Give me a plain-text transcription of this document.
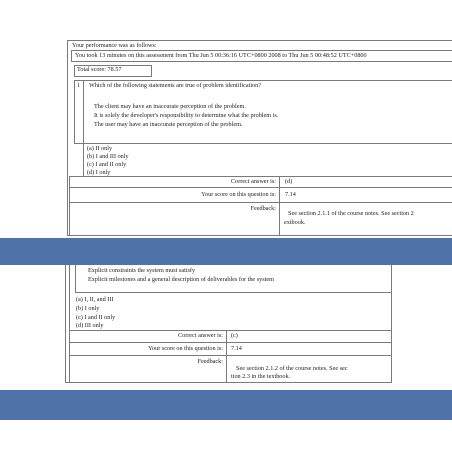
Your performance was as follows:
You took 13 minutes on this assessment from Thu Jun 5 00:36:16 UTC+0800 2008 to Thu Jun 5 00:48:52 UTC+0800
Total score: 78.57
1 Which of the following statements are true of problem identification?
The client may have an inaccurate perception of the problem.
It is solely the developer's responsibility to determine what the problem is.
The user may have an inaccurate perception of the problem.
(a) II only
(b) I and III only
(c) I and II only
(d) I only
Correct answer is: (d)
Your score on this question is: 7.14
Feedback:
See section 2.1.1 of the course notes. See section 2
extbook.
Explicit constraints the system must satisfy
Explicit milestones and a general description of deliverables for the system
(a) I, II, and III
(b) I only
(c) I and II only
(d) III only
Correct answer is: (c)
Your score on this question is: 7.14
Feedback:
See section 2.1.2 of the course notes. See sec
tion 2.3 in the textbook.
